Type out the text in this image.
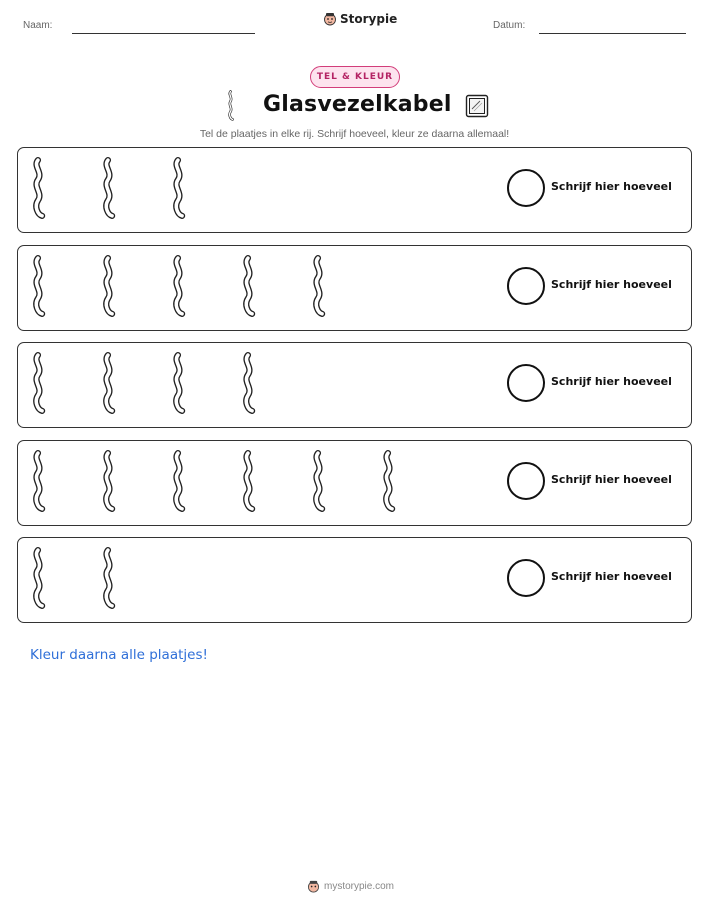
Naam:	Storypie	Datum:
TEL & KLEUR
Glasvezelkabel
Tel de plaatjes in elke rij. Schrijf hoeveel, kleur ze daarna allemaal!
Schrijf hier hoeveel
Schrijf hier hoeveel
Schrijf hier hoeveel
Schrijf hier hoeveel
Schrijf hier hoeveel
Kleur daarna alle plaatjes!
mystorypie.com
